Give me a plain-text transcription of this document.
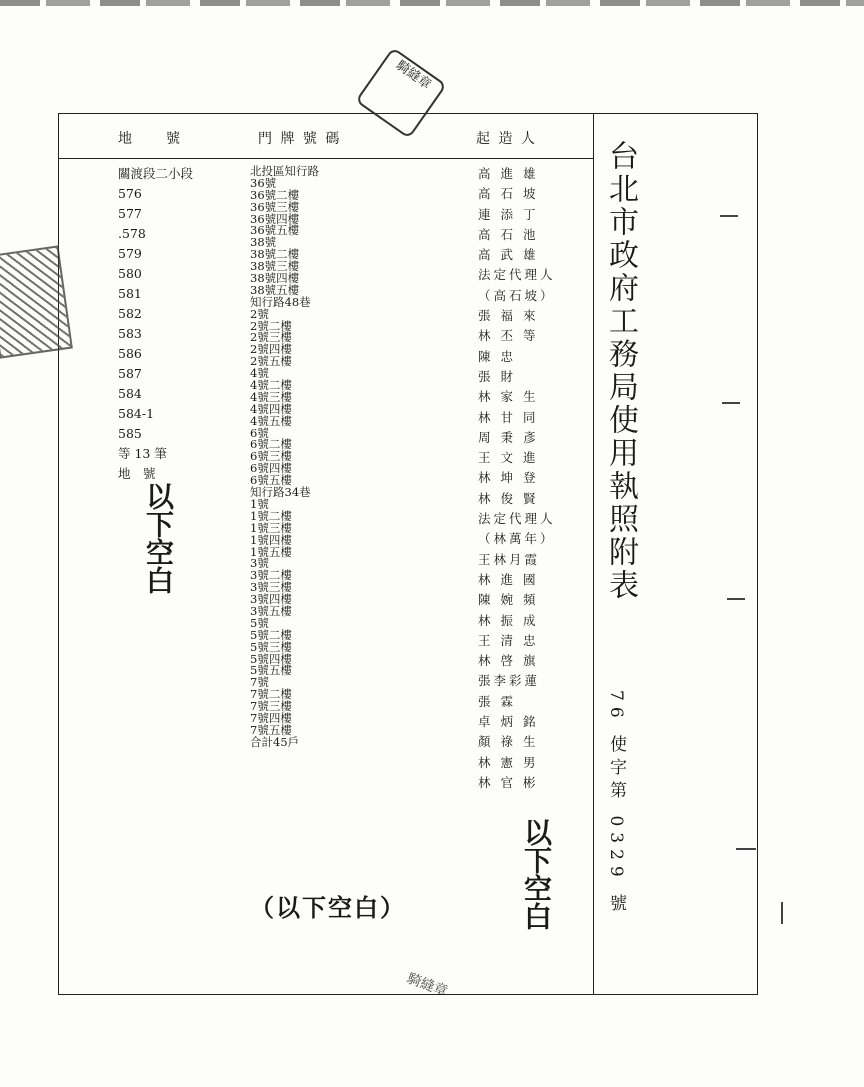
地　　號	門 牌 號 碼	起 造 人
關渡段二小段
576
577
.578
579
580
581
582
583
586
587
584
584-1
585
等 13 筆
地　號
北投區知行路
36號
36號二樓
36號三樓
36號四樓
36號五樓
38號
38號二樓
38號三樓
38號四樓
38號五樓
知行路48巷
2號
2號二樓
2號三樓
2號四樓
2號五樓
4號
4號二樓
4號三樓
4號四樓
4號五樓
6號
6號二樓
6號三樓
6號四樓
6號五樓
知行路34巷
1號
1號二樓
1號三樓
1號四樓
1號五樓
3號
3號二樓
3號三樓
3號四樓
3號五樓
5號
5號二樓
5號三樓
5號四樓
5號五樓
7號
7號二樓
7號三樓
7號四樓
7號五樓
合計45戶
高 進 雄
高 石 坡
連 添 丁
高 石 池
高 武 雄
法定代理人
（高石坡）
張 福 來
林 丕 等
陳 忠
張 財
林 家 生
林 甘 同
周 秉 彥
王 文 進
林 坤 登
林 俊 賢
法定代理人
（林萬年）
王林月霞
林 進 國
陳 婉 頻
林 振 成
王 清 忠
林 啓 旗
張李彩蓮
張 霖
卓 炳 銘
顏 祿 生
林 憲 男
林 官 彬
以下空白
以下空白
（以下空白）
台北市政府工務局使用執照附表
76 使字第 0329 號
騎縫章
騎縫章
